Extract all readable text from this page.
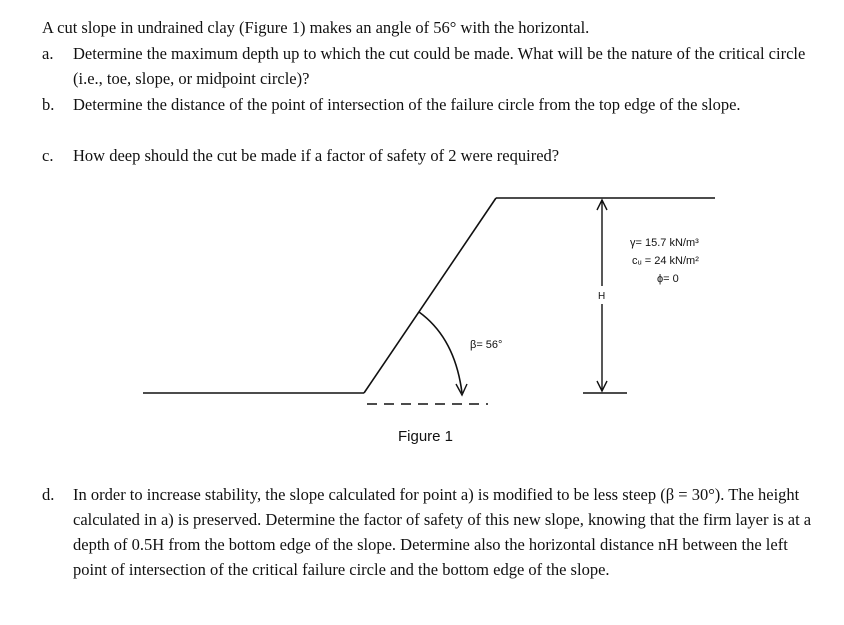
A cut slope in undrained clay (Figure 1) makes an angle of 56° with the horizontal.
a.	Determine the maximum depth up to which the cut could be made. What will be the nature of the critical circle (i.e., toe, slope, or midpoint circle)?
b.	Determine the distance of the point of intersection of the failure circle from the top edge of the slope.
c.	How deep should the cut be made if a factor of safety of 2 were required?
β= 56°
H
γ= 15.7 kN/m³
cᵤ = 24 kN/m²
ϕ= 0
Figure 1
d.	In order to increase stability, the slope calculated for point a) is modified to be less steep (β = 30°). The height calculated in a) is preserved. Determine the factor of safety of this new slope, knowing that the firm layer is at a depth of 0.5H from the bottom edge of the slope. Determine also the horizontal distance nH between the left point of intersection of the critical failure circle and the bottom edge of the slope.
